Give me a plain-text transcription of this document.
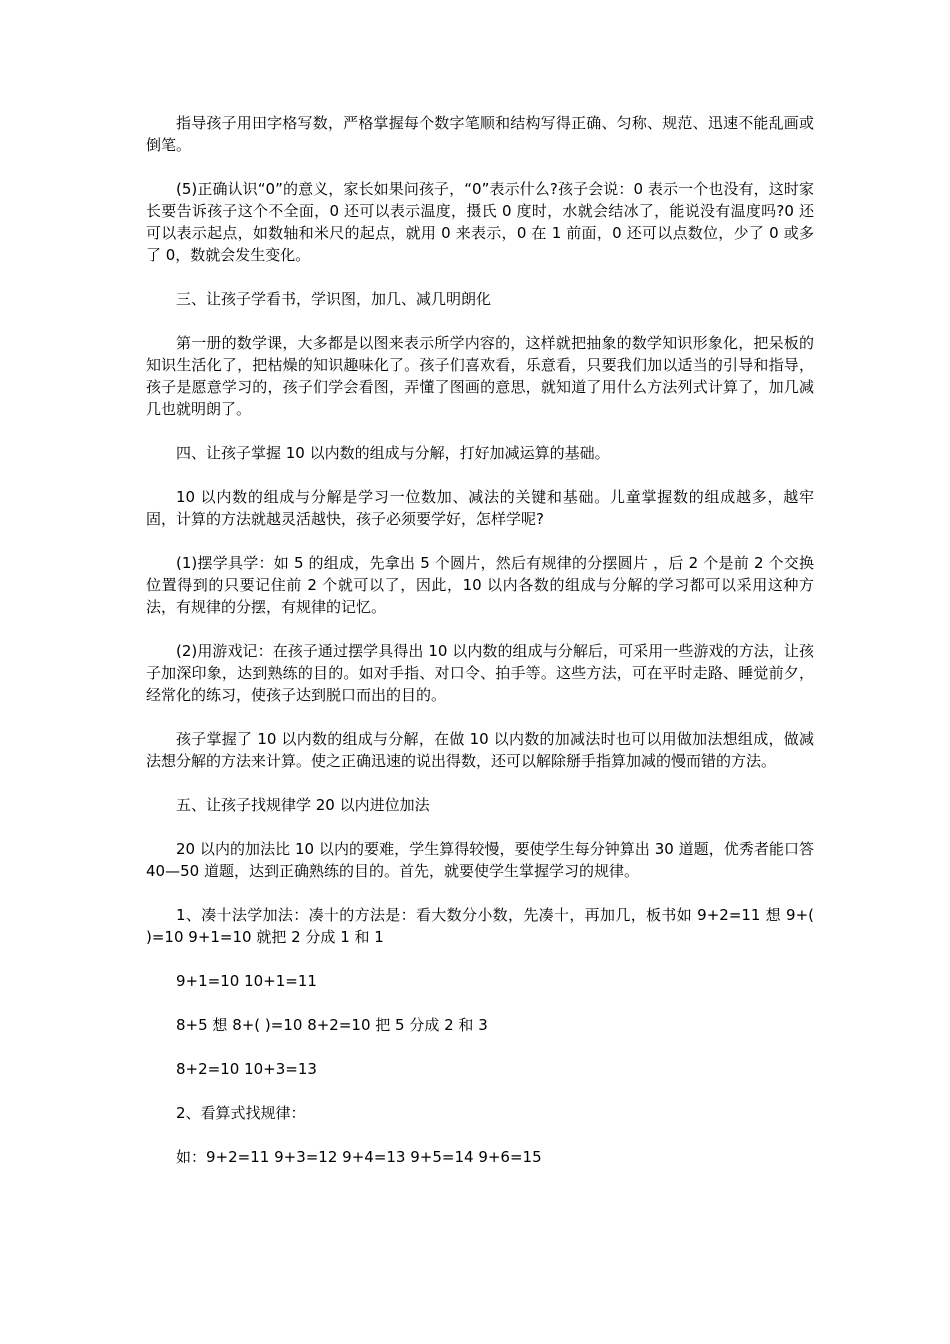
指导孩子用田字格写数，严格掌握每个数字笔顺和结构写得正确、匀称、规范、迅速不能乱画或倒笔。

(5)正确认识“0”的意义，家长如果问孩子，“0”表示什么?孩子会说：0 表示一个也没有，这时家长要告诉孩子这个不全面，0 还可以表示温度，摄氏 0 度时，水就会结冰了，能说没有温度吗?0 还可以表示起点，如数轴和米尺的起点，就用 0 来表示，0 在 1 前面，0 还可以点数位，少了 0 或多了 0，数就会发生变化。

三、让孩子学看书，学识图，加几、减几明朗化

第一册的数学课，大多都是以图来表示所学内容的，这样就把抽象的数学知识形象化，把呆板的知识生活化了，把枯燥的知识趣味化了。孩子们喜欢看，乐意看，只要我们加以适当的引导和指导，孩子是愿意学习的，孩子们学会看图，弄懂了图画的意思，就知道了用什么方法列式计算了，加几减几也就明朗了。

四、让孩子掌握 10 以内数的组成与分解，打好加减运算的基础。

10 以内数的组成与分解是学习一位数加、减法的关键和基础。儿童掌握数的组成越多，越牢固，计算的方法就越灵活越快，孩子必须要学好，怎样学呢?

(1)摆学具学：如 5 的组成，先拿出 5 个圆片，然后有规律的分摆圆片 ，后 2 个是前 2 个交换位置得到的只要记住前 2 个就可以了，因此，10 以内各数的组成与分解的学习都可以采用这种方法，有规律的分摆，有规律的记忆。

(2)用游戏记：在孩子通过摆学具得出 10 以内数的组成与分解后，可采用一些游戏的方法，让孩子加深印象，达到熟练的目的。如对手指、对口令、拍手等。这些方法，可在平时走路、睡觉前夕，经常化的练习，使孩子达到脱口而出的目的。

孩子掌握了 10 以内数的组成与分解，在做 10 以内数的加减法时也可以用做加法想组成，做减法想分解的方法来计算。使之正确迅速的说出得数，还可以解除掰手指算加减的慢而错的方法。

五、让孩子找规律学 20 以内进位加法

20 以内的加法比 10 以内的要难，学生算得较慢，要使学生每分钟算出 30 道题，优秀者能口答 40—50 道题，达到正确熟练的目的。首先，就要使学生掌握学习的规律。

1、凑十法学加法：凑十的方法是：看大数分小数，先凑十，再加几，板书如 9+2=11 想 9+( )=10 9+1=10 就把 2 分成 1 和 1

9+1=10 10+1=11

8+5 想 8+( )=10 8+2=10 把 5 分成 2 和 3

8+2=10 10+3=13

2、看算式找规律：

如：9+2=11 9+3=12 9+4=13 9+5=14 9+6=15
